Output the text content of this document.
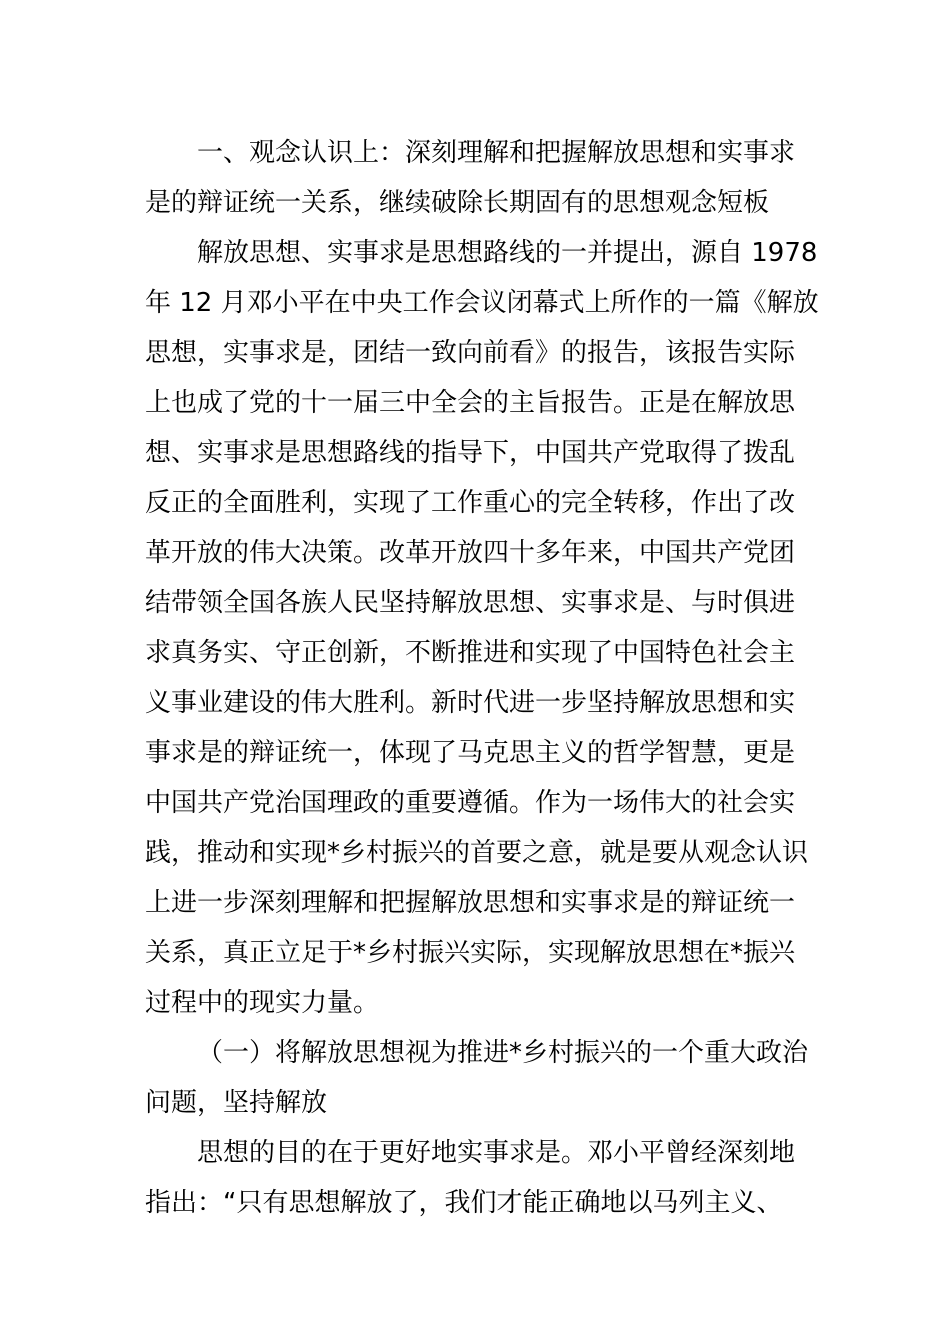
一、观念认识上：深刻理解和把握解放思想和实事求
是的辩证统一关系，继续破除长期固有的思想观念短板
解放思想、实事求是思想路线的一并提出，源自 1978
年 12 月邓小平在中央工作会议闭幕式上所作的一篇《解放
思想，实事求是，团结一致向前看》的报告，该报告实际
上也成了党的十一届三中全会的主旨报告。正是在解放思
想、实事求是思想路线的指导下，中国共产党取得了拨乱
反正的全面胜利，实现了工作重心的完全转移，作出了改
革开放的伟大决策。改革开放四十多年来，中国共产党团
结带领全国各族人民坚持解放思想、实事求是、与时俱进
求真务实、守正创新，不断推进和实现了中国特色社会主
义事业建设的伟大胜利。新时代进一步坚持解放思想和实
事求是的辩证统一，体现了马克思主义的哲学智慧，更是
中国共产党治国理政的重要遵循。作为一场伟大的社会实
践，推动和实现*乡村振兴的首要之意，就是要从观念认识
上进一步深刻理解和把握解放思想和实事求是的辩证统一
关系，真正立足于*乡村振兴实际，实现解放思想在*振兴
过程中的现实力量。
（一）将解放思想视为推进*乡村振兴的一个重大政治
问题，坚持解放
思想的目的在于更好地实事求是。邓小平曾经深刻地
指出：“只有思想解放了，我们才能正确地以马列主义、
